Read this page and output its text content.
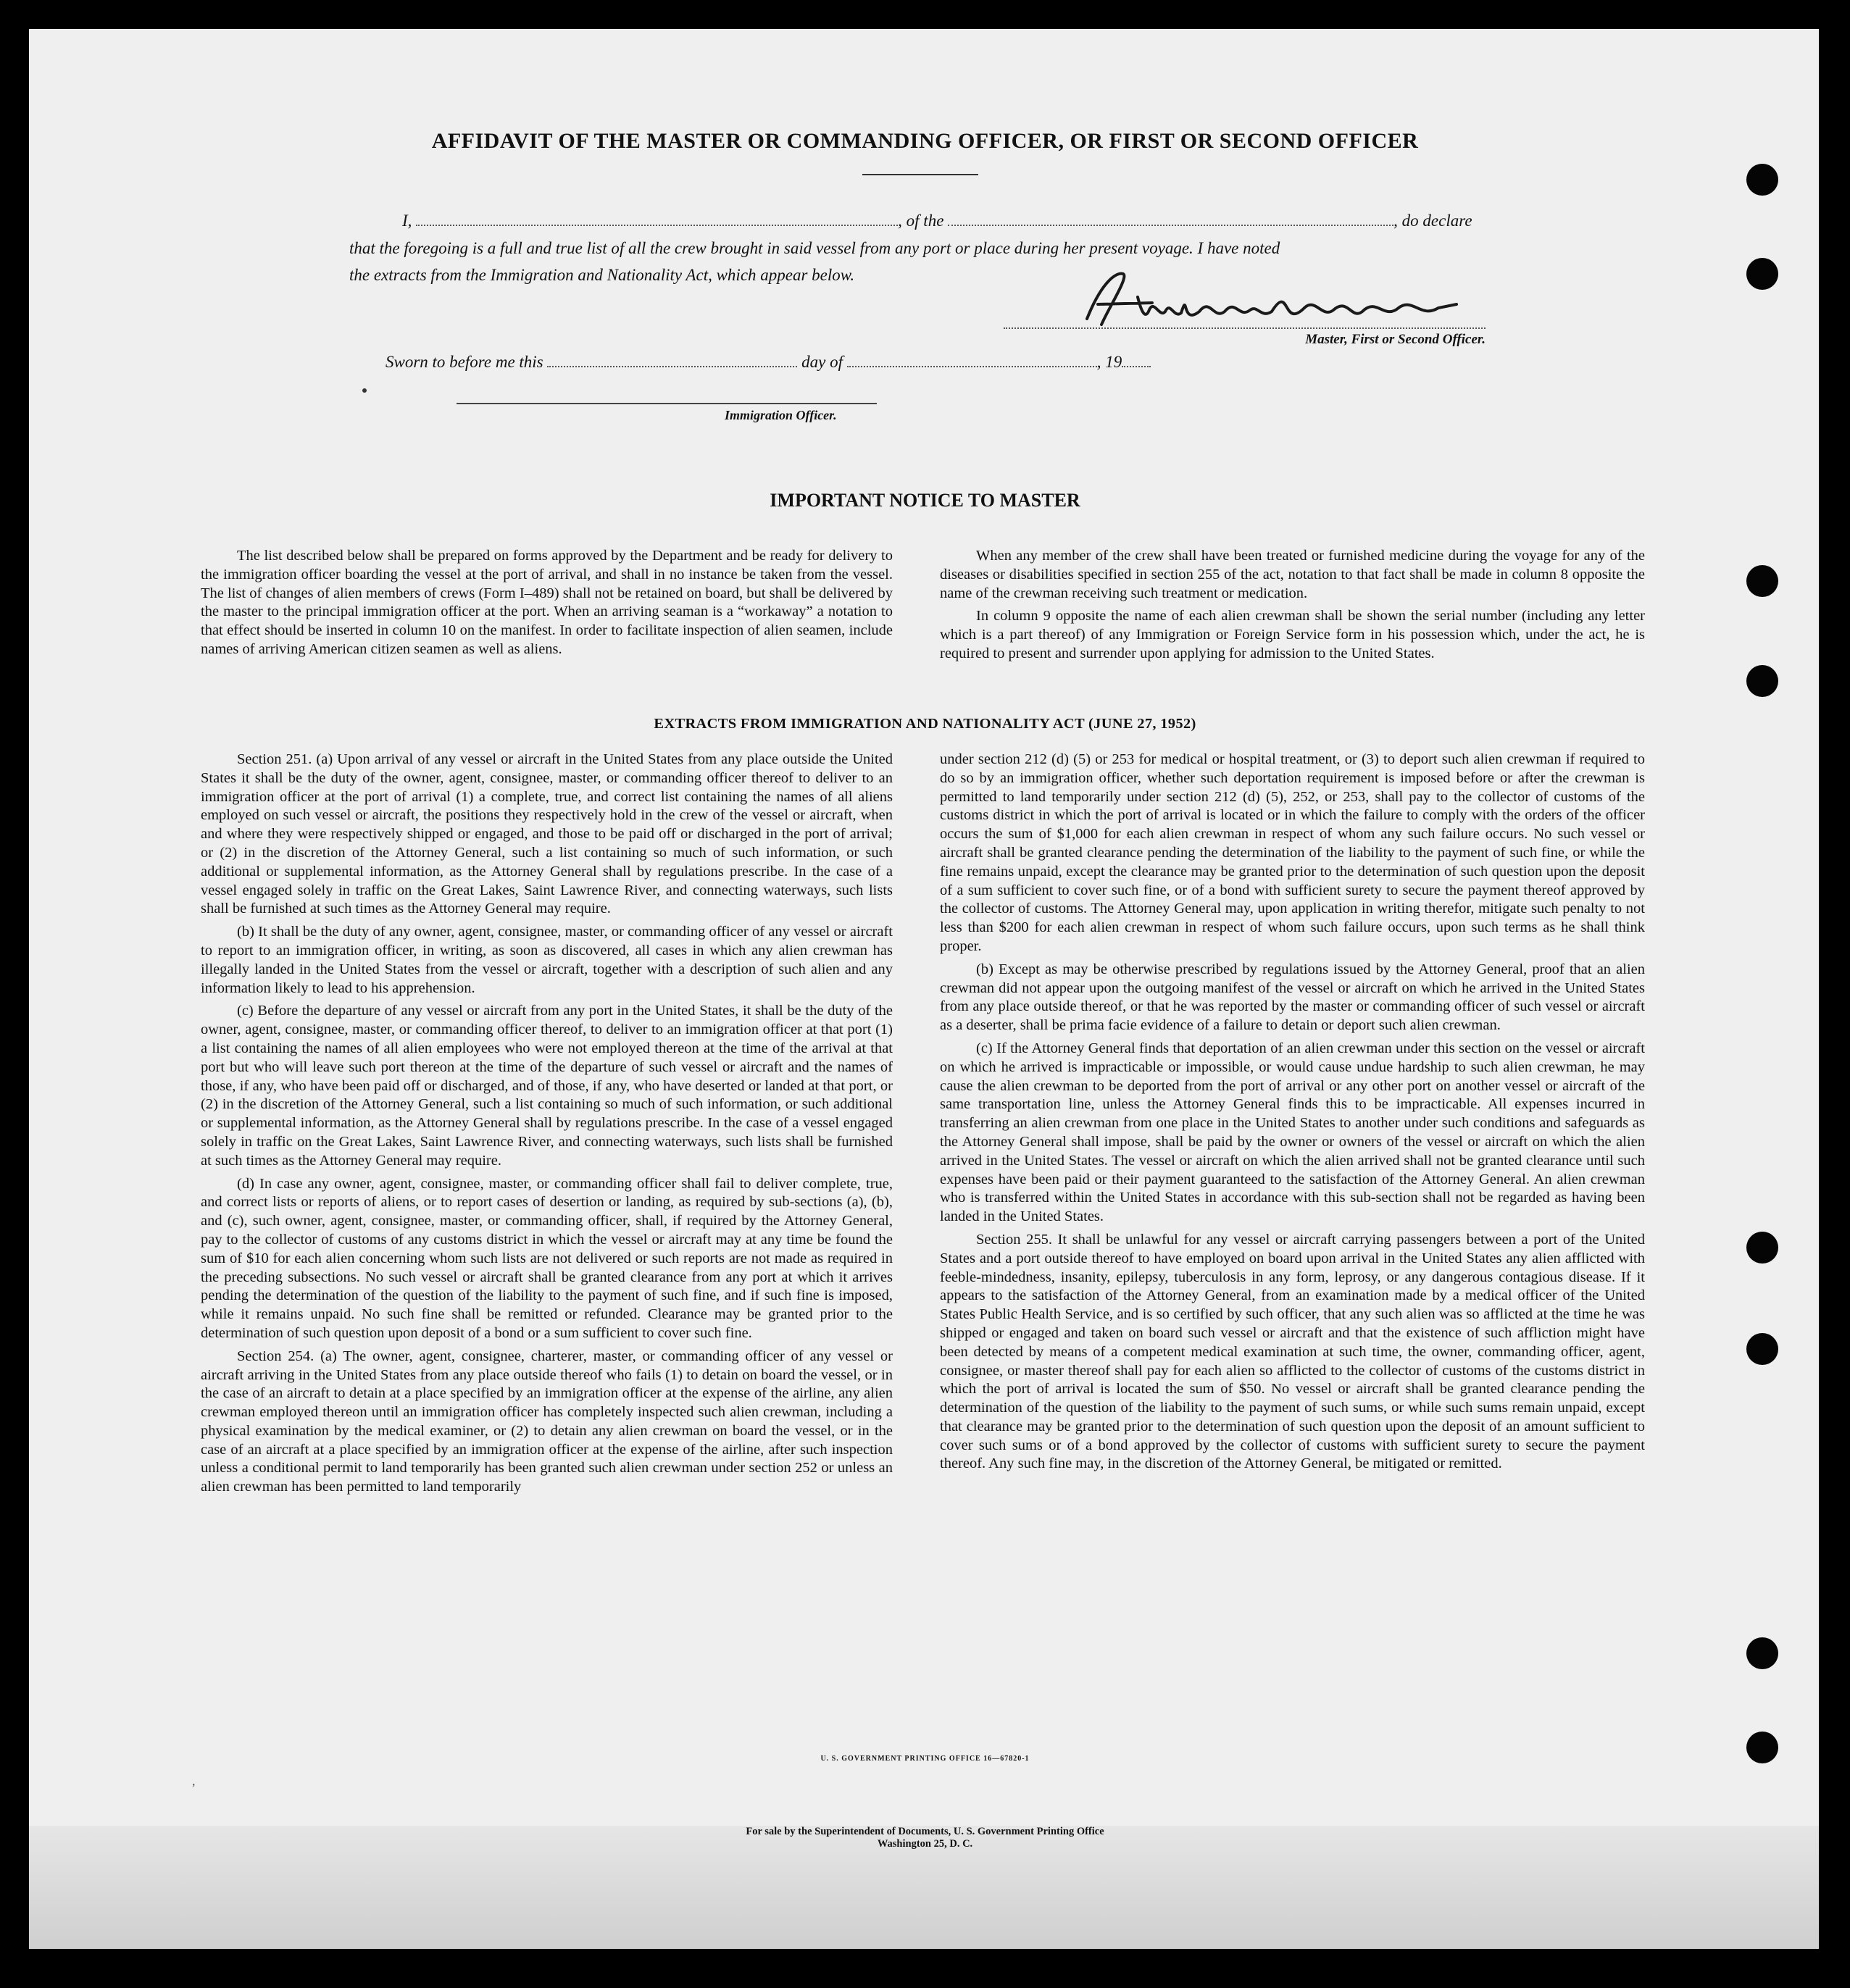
AFFIDAVIT OF THE MASTER OR COMMANDING OFFICER, OR FIRST OR SECOND OFFICER
I,	, of the	, do declare
that the foregoing is a full and true list of all the crew brought in said vessel from any port or place during her present voyage. I have noted
the extracts from the Immigration and Nationality Act, which appear below.
Master, First or Second Officer.
Sworn to before me this	day of	, 19
Immigration Officer.
IMPORTANT NOTICE TO MASTER

The list described below shall be prepared on forms approved by the Department and be ready for delivery to the immigration officer boarding the vessel at the port of arrival, and shall in no instance be taken from the vessel. The list of changes of alien members of crews (Form I–489) shall not be retained on board, but shall be delivered by the master to the principal immigration officer at the port. When an arriving seaman is a “workaway” a notation to that effect should be inserted in column 10 on the manifest. In order to facilitate inspection of alien seamen, include names of arriving American citizen seamen as well as aliens.

When any member of the crew shall have been treated or furnished medicine during the voyage for any of the diseases or disabilities specified in section 255 of the act, notation to that fact shall be made in column 8 opposite the name of the crewman receiving such treatment or medication.

In column 9 opposite the name of each alien crewman shall be shown the serial number (including any letter which is a part thereof) of any Immigration or Foreign Service form in his possession which, under the act, he is required to present and surrender upon applying for admission to the United States.

EXTRACTS FROM IMMIGRATION AND NATIONALITY ACT (JUNE 27, 1952)

Section 251. (a) Upon arrival of any vessel or aircraft in the United States from any place outside the United States it shall be the duty of the owner, agent, consignee, master, or commanding officer thereof to deliver to an immigration officer at the port of arrival (1) a complete, true, and correct list containing the names of all aliens employed on such vessel or aircraft, the positions they respectively hold in the crew of the vessel or aircraft, when and where they were respectively shipped or engaged, and those to be paid off or discharged in the port of arrival; or (2) in the discretion of the Attorney General, such a list containing so much of such information, or such additional or supplemental information, as the Attorney General shall by regulations prescribe. In the case of a vessel engaged solely in traffic on the Great Lakes, Saint Lawrence River, and connecting waterways, such lists shall be furnished at such times as the Attorney General may require.

(b) It shall be the duty of any owner, agent, consignee, master, or commanding officer of any vessel or aircraft to report to an immigration officer, in writing, as soon as discovered, all cases in which any alien crewman has illegally landed in the United States from the vessel or aircraft, together with a description of such alien and any information likely to lead to his apprehension.

(c) Before the departure of any vessel or aircraft from any port in the United States, it shall be the duty of the owner, agent, consignee, master, or commanding officer thereof, to deliver to an immigration officer at that port (1) a list containing the names of all alien employees who were not employed thereon at the time of the arrival at that port but who will leave such port thereon at the time of the departure of such vessel or aircraft and the names of those, if any, who have been paid off or discharged, and of those, if any, who have deserted or landed at that port, or (2) in the discretion of the Attorney General, such a list containing so much of such information, or such additional or supplemental information, as the Attorney General shall by regulations prescribe. In the case of a vessel engaged solely in traffic on the Great Lakes, Saint Lawrence River, and connecting waterways, such lists shall be furnished at such times as the Attorney General may require.

(d) In case any owner, agent, consignee, master, or commanding officer shall fail to deliver complete, true, and correct lists or reports of aliens, or to report cases of desertion or landing, as required by sub-sections (a), (b), and (c), such owner, agent, consignee, master, or commanding officer, shall, if required by the Attorney General, pay to the collector of customs of any customs district in which the vessel or aircraft may at any time be found the sum of $10 for each alien concerning whom such lists are not delivered or such reports are not made as required in the preceding subsections. No such vessel or aircraft shall be granted clearance from any port at which it arrives pending the determination of the question of the liability to the payment of such fine, and if such fine is imposed, while it remains unpaid. No such fine shall be remitted or refunded. Clearance may be granted prior to the determination of such question upon deposit of a bond or a sum sufficient to cover such fine.

Section 254. (a) The owner, agent, consignee, charterer, master, or commanding officer of any vessel or aircraft arriving in the United States from any place outside thereof who fails (1) to detain on board the vessel, or in the case of an aircraft to detain at a place specified by an immigration officer at the expense of the airline, any alien crewman employed thereon until an immigration officer has completely inspected such alien crewman, including a physical examination by the medical examiner, or (2) to detain any alien crewman on board the vessel, or in the case of an aircraft at a place specified by an immigration officer at the expense of the airline, after such inspection unless a conditional permit to land temporarily has been granted such alien crewman under section 252 or unless an alien crewman has been permitted to land temporarily

under section 212 (d) (5) or 253 for medical or hospital treatment, or (3) to deport such alien crewman if required to do so by an immigration officer, whether such deportation requirement is imposed before or after the crewman is permitted to land temporarily under section 212 (d) (5), 252, or 253, shall pay to the collector of customs of the customs district in which the port of arrival is located or in which the failure to comply with the orders of the officer occurs the sum of $1,000 for each alien crewman in respect of whom any such failure occurs. No such vessel or aircraft shall be granted clearance pending the determination of the liability to the payment of such fine, or while the fine remains unpaid, except the clearance may be granted prior to the determination of such question upon the deposit of a sum sufficient to cover such fine, or of a bond with sufficient surety to secure the payment thereof approved by the collector of customs. The Attorney General may, upon application in writing therefor, mitigate such penalty to not less than $200 for each alien crewman in respect of whom such failure occurs, upon such terms as he shall think proper.

(b) Except as may be otherwise prescribed by regulations issued by the Attorney General, proof that an alien crewman did not appear upon the outgoing manifest of the vessel or aircraft on which he arrived in the United States from any place outside thereof, or that he was reported by the master or commanding officer of such vessel or aircraft as a deserter, shall be prima facie evidence of a failure to detain or deport such alien crewman.

(c) If the Attorney General finds that deportation of an alien crewman under this section on the vessel or aircraft on which he arrived is impracticable or impossible, or would cause undue hardship to such alien crewman, he may cause the alien crewman to be deported from the port of arrival or any other port on another vessel or aircraft of the same transportation line, unless the Attorney General finds this to be impracticable. All expenses incurred in transferring an alien crewman from one place in the United States to another under such conditions and safeguards as the Attorney General shall impose, shall be paid by the owner or owners of the vessel or aircraft on which the alien arrived in the United States. The vessel or aircraft on which the alien arrived shall not be granted clearance until such expenses have been paid or their payment guaranteed to the satisfaction of the Attorney General. An alien crewman who is transferred within the United States in accordance with this sub-section shall not be regarded as having been landed in the United States.

Section 255. It shall be unlawful for any vessel or aircraft carrying passengers between a port of the United States and a port outside thereof to have employed on board upon arrival in the United States any alien afflicted with feeble-mindedness, insanity, epilepsy, tuberculosis in any form, leprosy, or any dangerous contagious disease. If it appears to the satisfaction of the Attorney General, from an examination made by a medical officer of the United States Public Health Service, and is so certified by such officer, that any such alien was so afflicted at the time he was shipped or engaged and taken on board such vessel or aircraft and that the existence of such affliction might have been detected by means of a competent medical examination at such time, the owner, commanding officer, agent, consignee, or master thereof shall pay for each alien so afflicted to the collector of customs of the customs district in which the port of arrival is located the sum of $50. No vessel or aircraft shall be granted clearance pending the determination of the question of the liability to the payment of such sums, or while such sums remain unpaid, except that clearance may be granted prior to the determination of such question upon the deposit of an amount sufficient to cover such sums or of a bond approved by the collector of customs with sufficient surety to secure the payment thereof. Any such fine may, in the discretion of the Attorney General, be mitigated or remitted.

U. S. GOVERNMENT PRINTING OFFICE 16—67820-1
,
For sale by the Superintendent of Documents, U. S. Government Printing Office
Washington 25, D. C.
